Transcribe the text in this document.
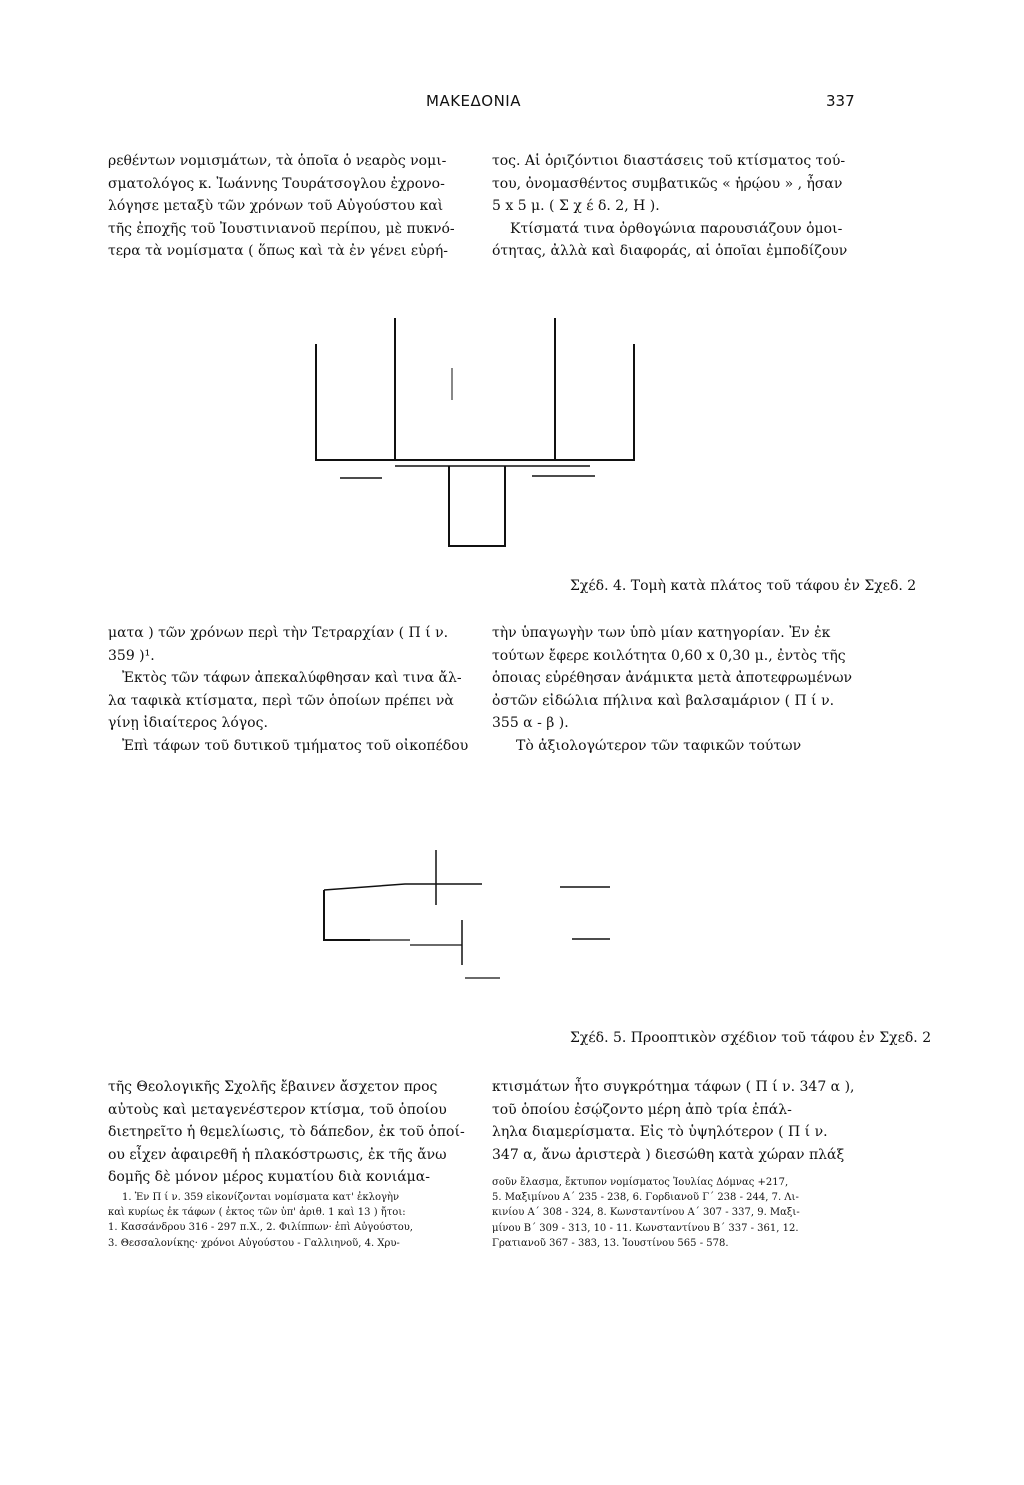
ΜΑΚΕΔΟΝΙΑ	337
ρεθέντων νομισμάτων, τὰ ὁποῖα ὁ νεαρὸς νομι-
σματολόγος κ. Ἰωάννης Τουράτσογλου ἐχρονο-
λόγησε μεταξὺ τῶν χρόνων τοῦ Αὐγούστου καὶ
τῆς ἐποχῆς τοῦ Ἰουστινιανοῦ περίπου, μὲ πυκνό-
τερα τὰ νομίσματα ( ὅπως καὶ τὰ ἐν γένει εὑρή-
τος. Αἱ ὁριζόντιοι διαστάσεις τοῦ κτίσματος τού-
του, ὀνομασθέντος συμβατικῶς « ἡρῴου » , ἦσαν
5 x 5 μ. ( Σ χ έ δ. 2, Η ).
Κτίσματά τινα ὀρθογώνια παρουσιάζουν ὁμοι-
ότητας, ἀλλὰ καὶ διαφοράς, αἱ ὁποῖαι ἐμποδίζουν
Σχέδ. 4. Τομὴ κατὰ πλάτος τοῦ τάφου ἐν Σχεδ. 2
ματα ) τῶν χρόνων περὶ τὴν Τετραρχίαν ( Π ί ν.
359 )¹.
Ἐκτὸς τῶν τάφων ἀπεκαλύφθησαν καὶ τινα ἄλ-
λα ταφικὰ κτίσματα, περὶ τῶν ὁποίων πρέπει νὰ
γίνῃ ἰδιαίτερος λόγος.
Ἐπὶ τάφων τοῦ δυτικοῦ τμήματος τοῦ οἰκοπέδου
τὴν ὑπαγωγὴν των ὑπὸ μίαν κατηγορίαν. Ἐν ἐκ
τούτων ἔφερε κοιλότητα 0,60 x 0,30 μ., ἐντὸς τῆς
ὁποιας εὑρέθησαν ἀνάμικτα μετὰ ἀποτεφρωμένων
ὀστῶν εἰδώλια πήλινα καὶ βαλσαμάριον ( Π ί ν.
355 α - β ).
Τὸ ἀξιολογώτερον τῶν ταφικῶν τούτων
Σχέδ. 5. Προοπτικὸν σχέδιον τοῦ τάφου ἐν Σχεδ. 2
τῆς Θεολογικῆς Σχολῆς ἔβαινεν ἄσχετον προς
αὐτοὺς καὶ μεταγενέστερον κτίσμα, τοῦ ὁποίου
διετηρεῖτο ἡ θεμελίωσις, τὸ δάπεδον, ἐκ τοῦ ὁποί-
ου εἶχεν ἀφαιρεθῆ ἡ πλακόστρωσις, ἐκ τῆς ἄνω
δομῆς δὲ μόνον μέρος κυματίου διὰ κονιάμα-
κτισμάτων ἦτο συγκρότημα τάφων ( Π ί ν. 347 α ),
τοῦ ὁποίου ἐσῴζοντο μέρη ἀπὸ τρία ἐπάλ-
ληλα διαμερίσματα. Εἰς τὸ ὑψηλότερον ( Π ί ν.
347 α, ἄνω ἀριστερὰ ) διεσώθη κατὰ χώραν πλάξ
1. Ἐν Π ί ν. 359 εἰκονίζονται νομίσματα κατ' ἐκλογὴν
καὶ κυρίως ἐκ τάφων ( ἐκτος τῶν ὑπ' ἀριθ. 1 καὶ 13 ) ἤτοι:
1. Κασσάνδρου 316 - 297 π.Χ., 2. Φιλίππων· ἐπὶ Αὐγούστου,
3. Θεσσαλονίκης· χρόνοι Αὐγούστου - Γαλλιηνοῦ, 4. Χρυ-
σοῦν ἔλασμα, ἔκτυπον νομίσματος Ἰουλίας Δόμνας +217,
5. Μαξιμίνου Α΄ 235 - 238, 6. Γορδιανοῦ Γ΄ 238 - 244, 7. Λι-
κινίου Α΄ 308 - 324, 8. Κωνσταντίνου Α΄ 307 - 337, 9. Μαξι-
μίνου Β΄ 309 - 313, 10 - 11. Κωνσταντίνου Β΄ 337 - 361, 12.
Γρατιανοῦ 367 - 383, 13. Ἰουστίνου 565 - 578.
